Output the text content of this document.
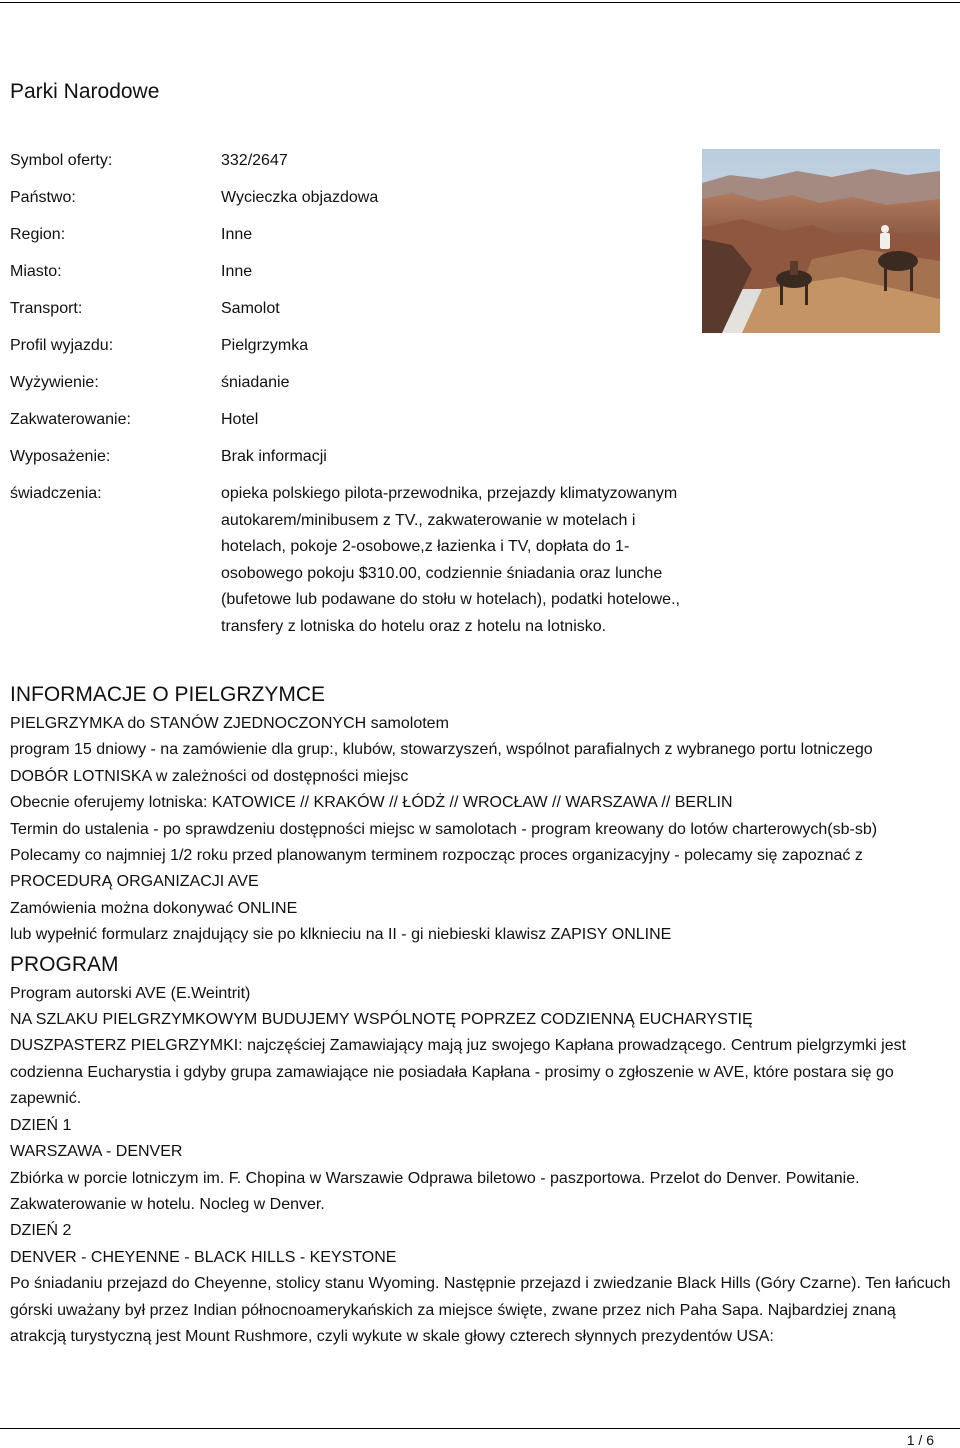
Parki Narodowe
Symbol oferty:	332/2647
Państwo:	Wycieczka objazdowa
Region:	Inne
Miasto:	Inne
Transport:	Samolot
Profil wyjazdu:	Pielgrzymka
Wyżywienie:	śniadanie
Zakwaterowanie:	Hotel
Wyposażenie:	Brak informacji
świadczenia:	opieka polskiego pilota-przewodnika, przejazdy klimatyzowanym autokarem/minibusem z TV., zakwaterowanie w motelach i hotelach, pokoje 2-osobowe,z łazienka i TV, dopłata do 1-osobowego pokoju $310.00, codziennie śniadania oraz lunche (bufetowe lub podawane do stołu w hotelach), podatki hotelowe., transfery z lotniska do hotelu oraz z hotelu na lotnisko.
INFORMACJE O PIELGRZYMCE

PIELGRZYMKA do STANÓW ZJEDNOCZONYCH samolotem

program 15 dniowy - na zamówienie dla grup:, klubów, stowarzyszeń, wspólnot parafialnych z wybranego portu lotniczego

DOBÓR LOTNISKA w zależności od dostępności miejsc

Obecnie oferujemy lotniska: KATOWICE // KRAKÓW // ŁÓDŻ // WROCŁAW // WARSZAWA // BERLIN

Termin do ustalenia - po sprawdzeniu dostępności miejsc w samolotach - program kreowany do lotów charterowych(sb-sb)

Polecamy co najmniej 1/2 roku przed planowanym terminem rozpocząc proces organizacyjny - polecamy się zapoznać z PROCEDURĄ ORGANIZACJI AVE

Zamówienia można dokonywać ONLINE

lub wypełnić formularz znajdujący sie po klknieciu na II - gi niebieski klawisz ZAPISY ONLINE

PROGRAM

Program autorski AVE (E.Weintrit)

NA SZLAKU PIELGRZYMKOWYM BUDUJEMY WSPÓLNOTĘ POPRZEZ CODZIENNĄ EUCHARYSTIĘ

DUSZPASTERZ PIELGRZYMKI: najczęściej Zamawiający mają juz swojego Kapłana prowadzącego. Centrum pielgrzymki jest codzienna Eucharystia i gdyby grupa zamawiające nie posiadała Kapłana - prosimy o zgłoszenie w AVE, które postara się go zapewnić.

DZIEŃ 1

WARSZAWA - DENVER

Zbiórka w porcie lotniczym im. F. Chopina w Warszawie Odprawa biletowo - paszportowa. Przelot do Denver. Powitanie. Zakwaterowanie w hotelu. Nocleg w Denver.

DZIEŃ 2

DENVER - CHEYENNE - BLACK HILLS - KEYSTONE

Po śniadaniu przejazd do Cheyenne, stolicy stanu Wyoming. Następnie przejazd i zwiedzanie Black Hills (Góry Czarne). Ten łańcuch górski uważany był przez Indian północnoamerykańskich za miejsce święte, zwane przez nich Paha Sapa. Najbardziej znaną atrakcją turystyczną jest Mount Rushmore, czyli wykute w skale głowy czterech słynnych prezydentów USA:

1 / 6
